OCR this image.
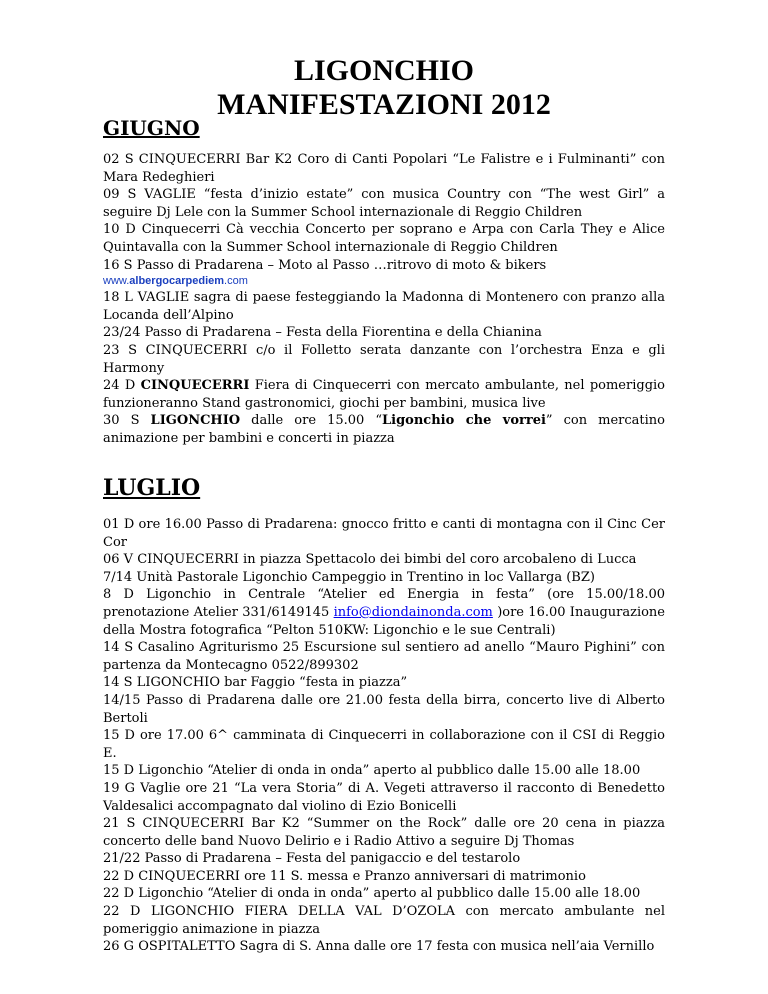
LIGONCHIO
MANIFESTAZIONI 2012
GIUGNO
02 S CINQUECERRI Bar K2 Coro di Canti Popolari “Le Falistre e i Fulminanti” con Mara Redeghieri
09 S VAGLIE “festa d’inizio estate” con musica Country con “The west Girl” a seguire Dj Lele con la Summer School internazionale di Reggio Children
10 D Cinquecerri Cà vecchia Concerto per soprano e Arpa con Carla They e Alice Quintavalla con la Summer School internazionale di Reggio Children
16 S Passo di Pradarena – Moto al Passo …ritrovo di moto & bikers
www.albergocarpediem.com
18 L VAGLIE sagra di paese festeggiando la Madonna di Montenero con pranzo alla Locanda dell’Alpino
23/24 Passo di Pradarena – Festa della Fiorentina e della Chianina
23 S CINQUECERRI c/o il Folletto serata danzante con l’orchestra Enza e gli Harmony
24 D CINQUECERRI Fiera di Cinquecerri con mercato ambulante, nel pomeriggio funzioneranno Stand gastronomici, giochi per bambini, musica live
30 S LIGONCHIO dalle ore 15.00 “Ligonchio che vorrei” con mercatino animazione per bambini e concerti in piazza
LUGLIO
01 D ore 16.00 Passo di Pradarena: gnocco fritto e canti di montagna con il Cinc Cer Cor
06 V CINQUECERRI in piazza Spettacolo dei bimbi del coro arcobaleno di Lucca
7/14 Unità Pastorale Ligonchio Campeggio in Trentino in loc Vallarga (BZ)
8 D Ligonchio in Centrale “Atelier ed Energia in festa” (ore 15.00/18.00 prenotazione Atelier 331/6149145 info@diondainonda.com )ore 16.00 Inaugurazione della Mostra fotografica “Pelton 510KW: Ligonchio e le sue Centrali)
14 S Casalino Agriturismo 25 Escursione sul sentiero ad anello “Mauro Pighini” con partenza da Montecagno 0522/899302
14 S LIGONCHIO bar Faggio “festa in piazza”
14/15 Passo di Pradarena dalle ore 21.00 festa della birra, concerto live di Alberto Bertoli
15 D ore 17.00 6^ camminata di Cinquecerri in collaborazione con il CSI di Reggio E.
15 D Ligonchio “Atelier di onda in onda” aperto al pubblico dalle 15.00 alle 18.00
19 G Vaglie ore 21 “La vera Storia” di A. Vegeti attraverso il racconto di Benedetto Valdesalici accompagnato dal violino di Ezio Bonicelli
21 S CINQUECERRI Bar K2 “Summer on the Rock” dalle ore 20 cena in piazza concerto delle band Nuovo Delirio e i Radio Attivo a seguire Dj Thomas
21/22 Passo di Pradarena – Festa del panigaccio e del testarolo
22 D CINQUECERRI ore 11 S. messa e Pranzo anniversari di matrimonio
22 D Ligonchio “Atelier di onda in onda” aperto al pubblico dalle 15.00 alle 18.00
22 D LIGONCHIO FIERA DELLA VAL D’OZOLA con mercato ambulante nel pomeriggio animazione in piazza
26 G OSPITALETTO Sagra di S. Anna dalle ore 17 festa con musica nell’aia Vernillo
